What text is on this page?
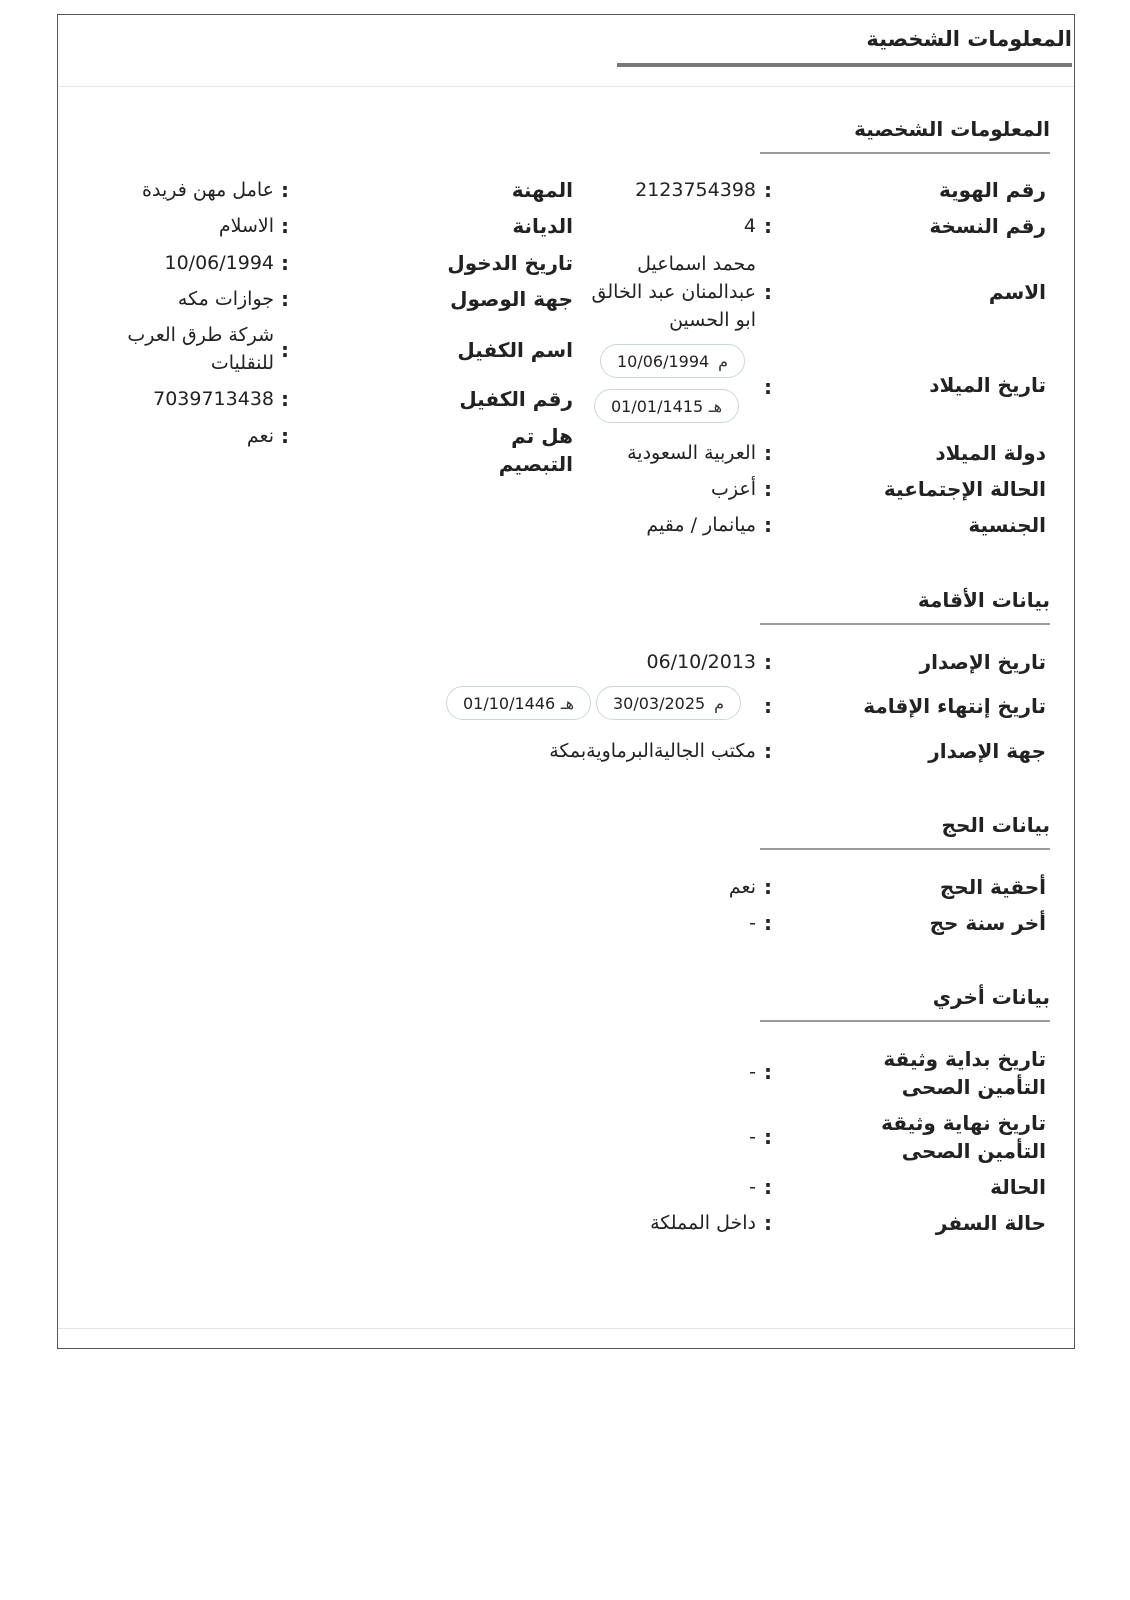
المعلومات الشخصية
المعلومات الشخصية
رقم الهوية
:
2123754398
رقم النسخة
:
4
الاسم
:
محمد اسماعيل عبدالمنان عبد الخالق ابو الحسين
تاريخ الميلاد
:
10/06/1994 م
01/01/1415 هـ
دولة الميلاد
:
العربية السعودية
الحالة الإجتماعية
:
أعزب
الجنسية
:
ميانمار / مقيم
المهنة
:
عامل مهن فريدة
الديانة
:
الاسلام
تاريخ الدخول
:
10/06/1994
جهة الوصول
:
جوازات مكه
اسم الكفيل
:
شركة طرق العرب للنقليات
رقم الكفيل
:
7039713438
هل تم التبصيم
:
نعم
بيانات الأقامة
تاريخ الإصدار
:
06/10/2013
تاريخ إنتهاء الإقامة
:
30/03/2025 م
01/10/1446 هـ
جهة الإصدار
:
مكتب الجاليةالبرماويةبمكة
بيانات الحج
أحقية الحج
:
نعم
أخر سنة حج
:
-
بيانات أخري
تاريخ بداية وثيقة التأمين الصحى
:
-
تاريخ نهاية وثيقة التأمين الصحى
:
-
الحالة
:
-
حالة السفر
:
داخل المملكة
